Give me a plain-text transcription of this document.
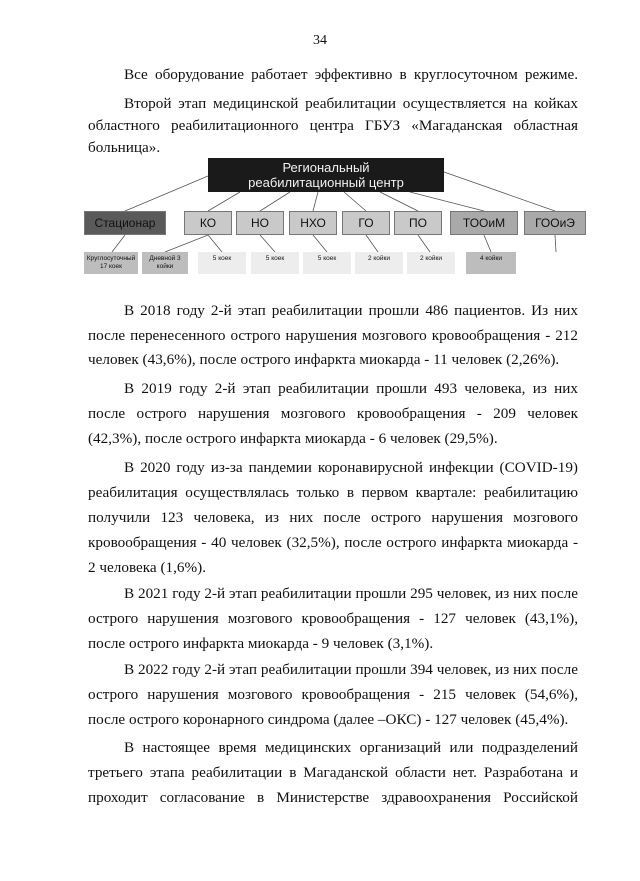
34
Все оборудование работает эффективно в круглосуточном режиме.
Второй этап медицинской реабилитации осуществляется на койках
областного реабилитационного центра ГБУЗ «Магаданская областная
больница».
Региональный
реабилитационный центр
Стационар	КО	НО	НХО	ГО	ПО	ТООиМ	ГООиЭ
Круглосуточный 17 коек
Дневной 3 койки
5 коек	5 коек	5 коек	2 койки	2 койки	4 койки
В 2018 году 2-й этап реабилитации прошли 486 пациентов. Из них
после перенесенного острого нарушения мозгового кровообращения - 212
человек (43,6%), после острого инфаркта миокарда - 11 человек (2,26%).
В 2019 году 2-й этап реабилитации прошли 493 человека, из них
после острого нарушения мозгового кровообращения - 209 человек
(42,3%), после острого инфаркта миокарда - 6 человек (29,5%).
В 2020 году из-за пандемии коронавирусной инфекции (COVID-19)
реабилитация осуществлялась только в первом квартале: реабилитацию
получили 123 человека, из них после острого нарушения мозгового
кровообращения - 40 человек (32,5%), после острого инфаркта миокарда -
2 человека (1,6%).
В 2021 году 2-й этап реабилитации прошли 295 человек, из них после
острого нарушения мозгового кровообращения - 127 человек (43,1%),
после острого инфаркта миокарда - 9 человек (3,1%).
В 2022 году 2-й этап реабилитации прошли 394 человек, из них после
острого нарушения мозгового кровообращения - 215 человек (54,6%),
после острого коронарного синдрома (далее –ОКС) - 127 человек (45,4%).
В настоящее время медицинских организаций или подразделений
третьего этапа реабилитации в Магаданской области нет. Разработана и
проходит согласование в Министерстве здравоохранения Российской
